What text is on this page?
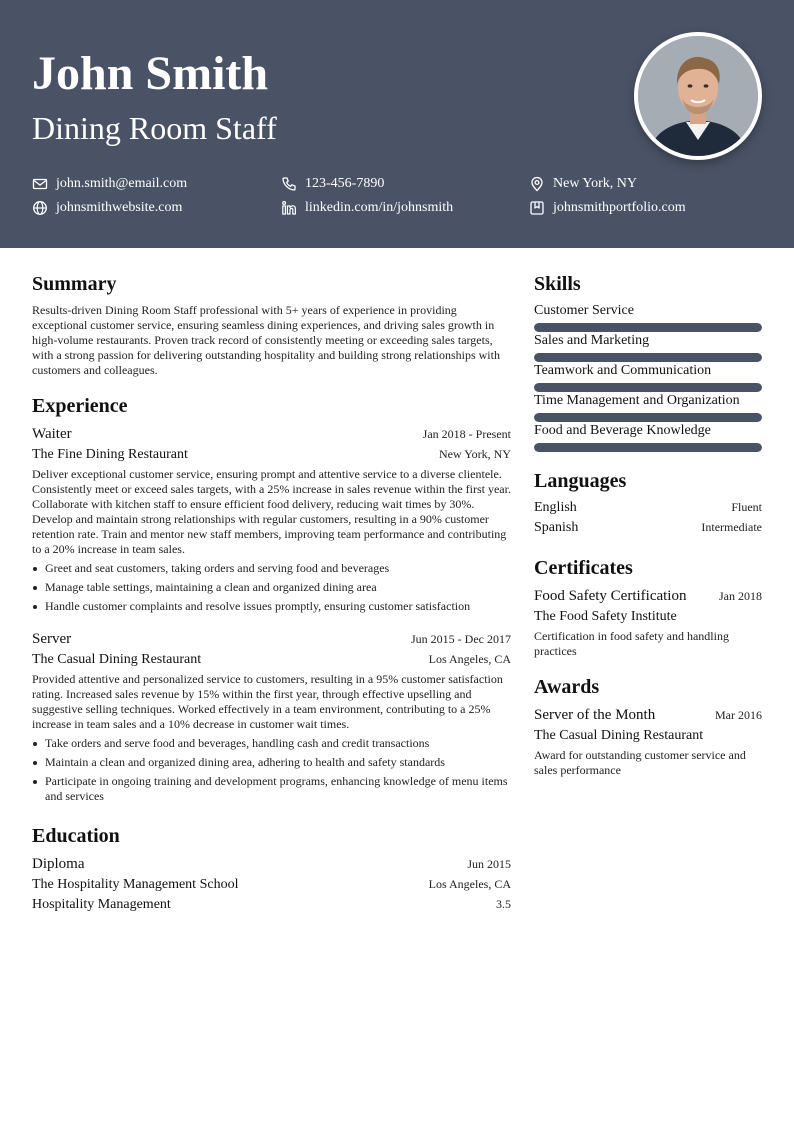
John Smith
Dining Room Staff
john.smith@email.com	123-456-7890	New York, NY
johnsmithwebsite.com	linkedin.com/in/johnsmith	johnsmithportfolio.com
Summary
Results-driven Dining Room Staff professional with 5+ years of experience in providing exceptional customer service, ensuring seamless dining experiences, and driving sales growth in high-volume restaurants. Proven track record of consistently meeting or exceeding sales targets, with a strong passion for delivering outstanding hospitality and building strong relationships with customers and colleagues.
Experience
Waiter	Jan 2018 - Present
The Fine Dining Restaurant	New York, NY
Deliver exceptional customer service, ensuring prompt and attentive service to a diverse clientele. Consistently meet or exceed sales targets, with a 25% increase in sales revenue within the first year. Collaborate with kitchen staff to ensure efficient food delivery, reducing wait times by 30%. Develop and maintain strong relationships with regular customers, resulting in a 90% customer retention rate. Train and mentor new staff members, improving team performance and contributing to a 20% increase in team sales.
Greet and seat customers, taking orders and serving food and beverages
Manage table settings, maintaining a clean and organized dining area
Handle customer complaints and resolve issues promptly, ensuring customer satisfaction
Server	Jun 2015 - Dec 2017
The Casual Dining Restaurant	Los Angeles, CA
Provided attentive and personalized service to customers, resulting in a 95% customer satisfaction rating. Increased sales revenue by 15% within the first year, through effective upselling and suggestive selling techniques. Worked effectively in a team environment, contributing to a 25% increase in team sales and a 10% decrease in customer wait times.
Take orders and serve food and beverages, handling cash and credit transactions
Maintain a clean and organized dining area, adhering to health and safety standards
Participate in ongoing training and development programs, enhancing knowledge of menu items and services
Education
Diploma	Jun 2015
The Hospitality Management School	Los Angeles, CA
Hospitality Management	3.5
Skills
Customer Service
Sales and Marketing
Teamwork and Communication
Time Management and Organization
Food and Beverage Knowledge
Languages
English	Fluent
Spanish	Intermediate
Certificates
Food Safety Certification	Jan 2018
The Food Safety Institute
Certification in food safety and handling practices
Awards
Server of the Month	Mar 2016
The Casual Dining Restaurant
Award for outstanding customer service and sales performance
